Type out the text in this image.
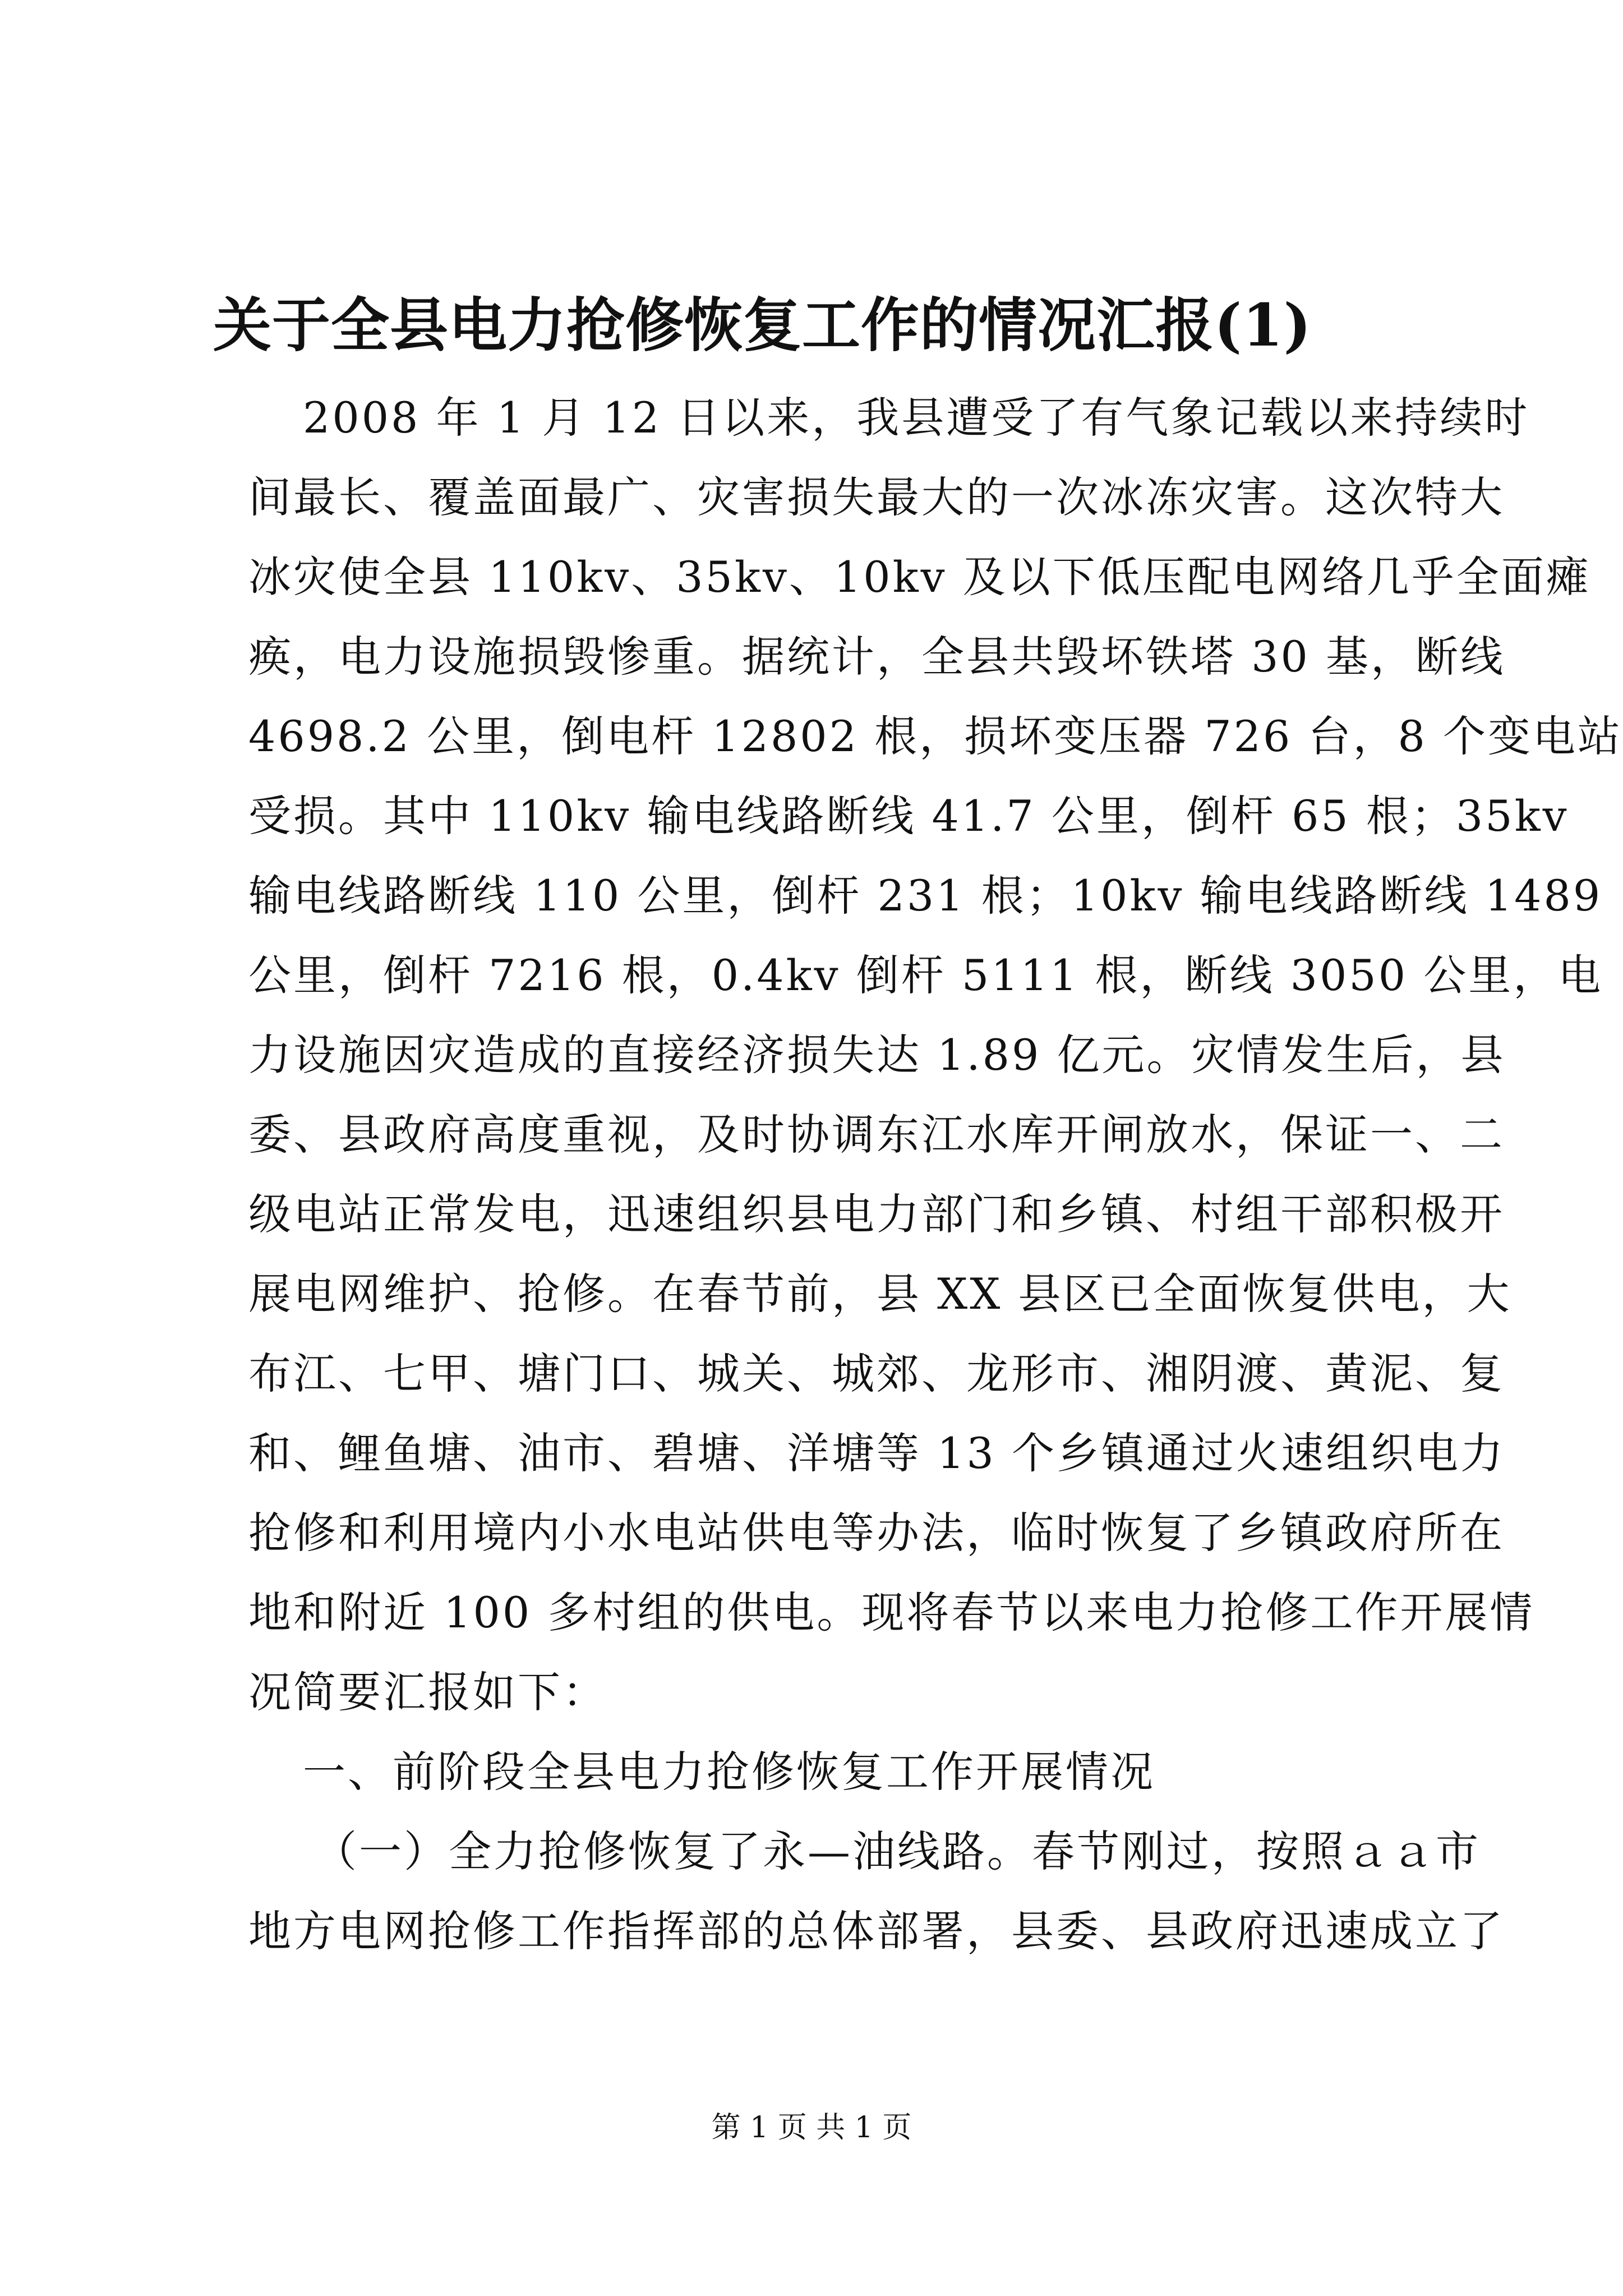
关于全县电力抢修恢复工作的情况汇报(1)
2008 年 1 月 12 日以来，我县遭受了有气象记载以来持续时
间最长、覆盖面最广、灾害损失最大的一次冰冻灾害。这次特大
冰灾使全县 110kv、35kv、10kv 及以下低压配电网络几乎全面瘫
痪，电力设施损毁惨重。据统计，全县共毁坏铁塔 30 基，断线
4698.2 公里，倒电杆 12802 根，损坏变压器 726 台，8 个变电站
受损。其中 110kv 输电线路断线 41.7 公里，倒杆 65 根；35kv
输电线路断线 110 公里，倒杆 231 根；10kv 输电线路断线 1489
公里，倒杆 7216 根，0.4kv 倒杆 5111 根，断线 3050 公里，电
力设施因灾造成的直接经济损失达 1.89 亿元。灾情发生后，县
委、县政府高度重视，及时协调东江水库开闸放水，保证一、二
级电站正常发电，迅速组织县电力部门和乡镇、村组干部积极开
展电网维护、抢修。在春节前，县 XX 县区已全面恢复供电，大
布江、七甲、塘门口、城关、城郊、龙形市、湘阴渡、黄泥、复
和、鲤鱼塘、油市、碧塘、洋塘等 13 个乡镇通过火速组织电力
抢修和利用境内小水电站供电等办法，临时恢复了乡镇政府所在
地和附近 100 多村组的供电。现将春节以来电力抢修工作开展情
况简要汇报如下：
一、前阶段全县电力抢修恢复工作开展情况
（一）全力抢修恢复了永—油线路。春节刚过，按照ａａ市
地方电网抢修工作指挥部的总体部署，县委、县政府迅速成立了
第 1 页 共 1 页
